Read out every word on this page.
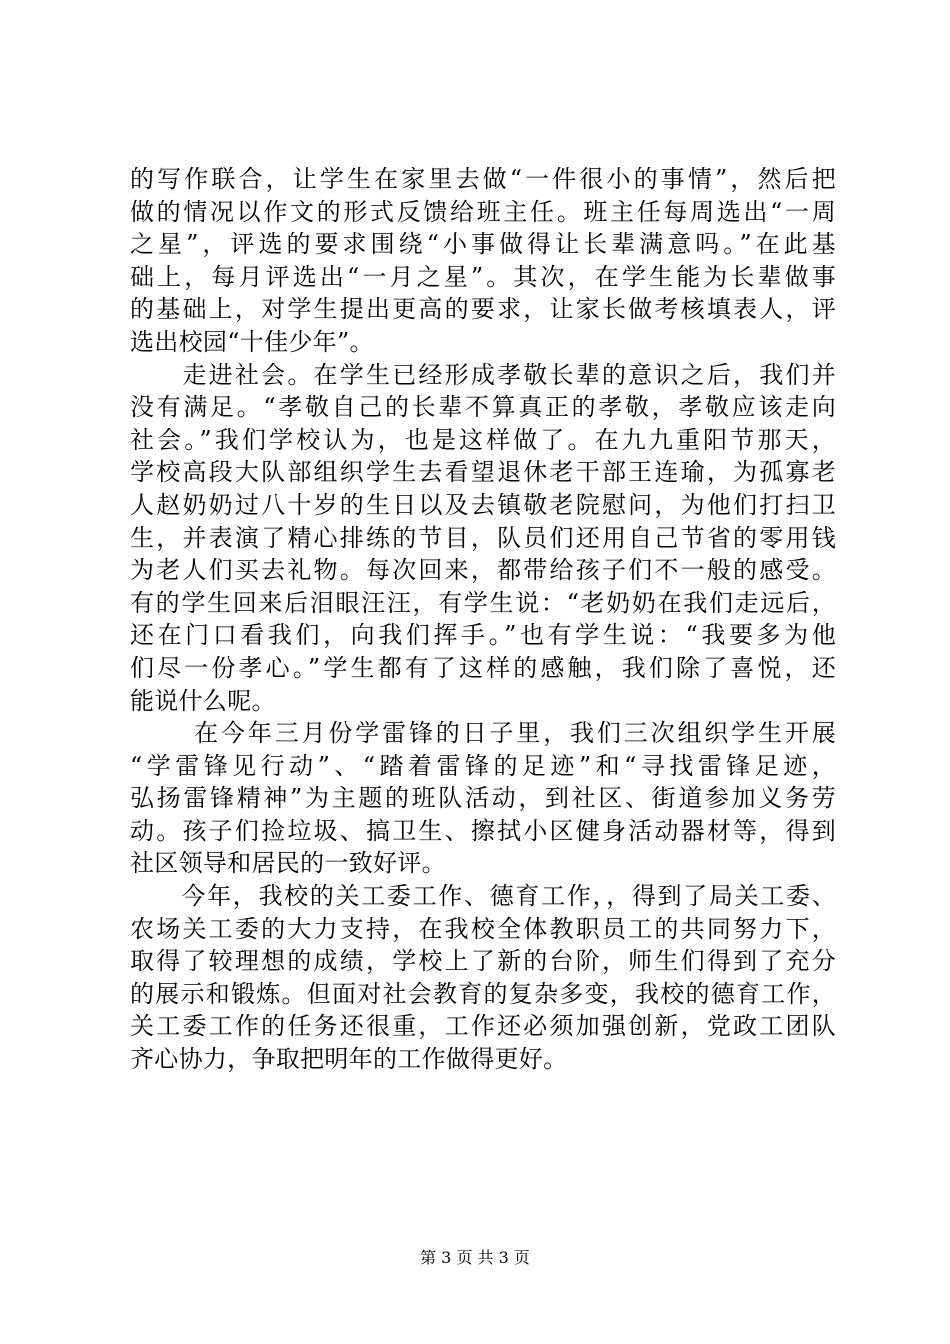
的写作联合，让学生在家里去做“一件很小的事情”，然后把
做的情况以作文的形式反馈给班主任。班主任每周选出“一周
之星”，评选的要求围绕“小事做得让长辈满意吗。”在此基
础上，每月评选出“一月之星”。其次，在学生能为长辈做事
的基础上，对学生提出更高的要求，让家长做考核填表人，评
选出校园“十佳少年”。
　　走进社会。在学生已经形成孝敬长辈的意识之后，我们并
没有满足。“孝敬自己的长辈不算真正的孝敬，孝敬应该走向
社会。”我们学校认为，也是这样做了。在九九重阳节那天，
学校高段大队部组织学生去看望退休老干部王连瑜，为孤寡老
人赵奶奶过八十岁的生日以及去镇敬老院慰问，为他们打扫卫
生，并表演了精心排练的节目，队员们还用自己节省的零用钱
为老人们买去礼物。每次回来，都带给孩子们不一般的感受。
有的学生回来后泪眼汪汪，有学生说：“老奶奶在我们走远后，
还在门口看我们，向我们挥手。”也有学生说：“我要多为他
们尽一份孝心。”学生都有了这样的感触，我们除了喜悦，还
能说什么呢。
　　 在今年三月份学雷锋的日子里，我们三次组织学生开展
“学雷锋见行动”、“踏着雷锋的足迹”和“寻找雷锋足迹，
弘扬雷锋精神”为主题的班队活动，到社区、街道参加义务劳
动。孩子们捡垃圾、搞卫生、擦拭小区健身活动器材等，得到
社区领导和居民的一致好评。
　　今年，我校的关工委工作、德育工作，，得到了局关工委、
农场关工委的大力支持，在我校全体教职员工的共同努力下，
取得了较理想的成绩，学校上了新的台阶，师生们得到了充分
的展示和锻炼。但面对社会教育的复杂多变，我校的德育工作，
关工委工作的任务还很重，工作还必须加强创新，党政工团队
齐心协力，争取把明年的工作做得更好。
第 3 页 共 3 页
